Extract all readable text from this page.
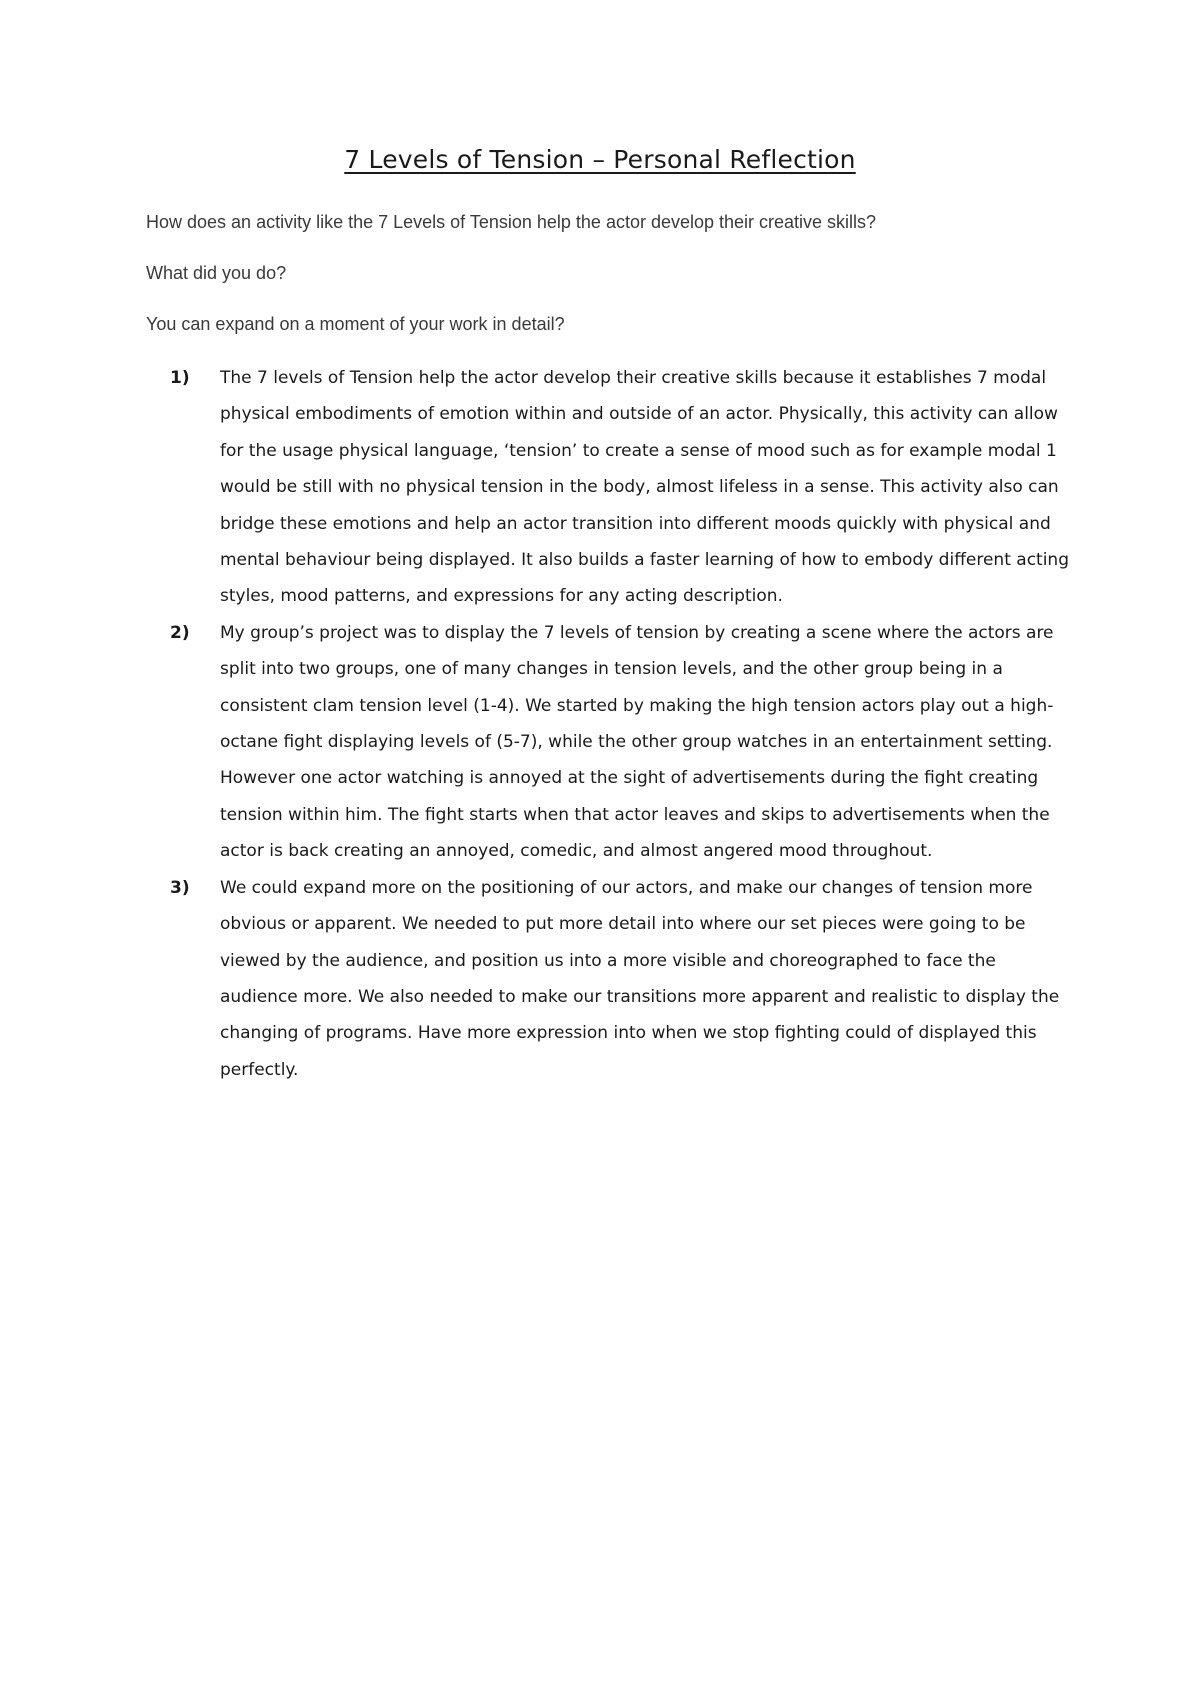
7 Levels of Tension – Personal Reflection

How does an activity like the 7 Levels of Tension help the actor develop their creative skills?

What did you do?

You can expand on a moment of your work in detail?

1) The 7 levels of Tension help the actor develop their creative skills because it establishes 7 modal physical embodiments of emotion within and outside of an actor. Physically, this activity can allow for the usage physical language, ‘tension’ to create a sense of mood such as for example modal 1 would be still with no physical tension in the body, almost lifeless in a sense. This activity also can bridge these emotions and help an actor transition into different moods quickly with physical and mental behaviour being displayed. It also builds a faster learning of how to embody different acting styles, mood patterns, and expressions for any acting description.
2) My group’s project was to display the 7 levels of tension by creating a scene where the actors are split into two groups, one of many changes in tension levels, and the other group being in a consistent clam tension level (1-4). We started by making the high tension actors play out a high-octane fight displaying levels of (5-7), while the other group watches in an entertainment setting. However one actor watching is annoyed at the sight of advertisements during the fight creating tension within him. The fight starts when that actor leaves and skips to advertisements when the actor is back creating an annoyed, comedic, and almost angered mood throughout.
3) We could expand more on the positioning of our actors, and make our changes of tension more obvious or apparent. We needed to put more detail into where our set pieces were going to be viewed by the audience, and position us into a more visible and choreographed to face the audience more. We also needed to make our transitions more apparent and realistic to display the changing of programs. Have more expression into when we stop fighting could of displayed this perfectly.
